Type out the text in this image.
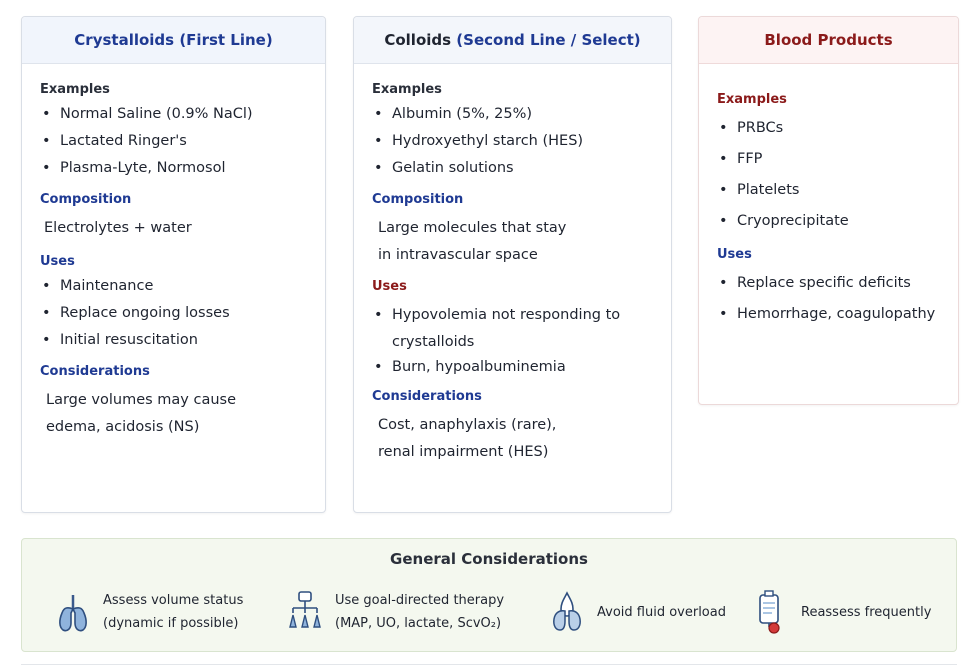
Crystalloids (First Line)
Examples
• Normal Saline (0.9% NaCl)
• Lactated Ringer's
• Plasma-Lyte, Normosol
Composition
Electrolytes + water
Uses
• Maintenance
• Replace ongoing losses
• Initial resuscitation
Considerations
Large volumes may cause
edema, acidosis (NS)
Colloids
(Second Line / Select)
Examples
• Albumin (5%, 25%)
• Hydroxyethyl starch (HES)
• Gelatin solutions
Composition
Large molecules that stay
in intravascular space
Uses
• Hypovolemia not responding to crystalloids
• Burn, hypoalbuminemia
Considerations
Cost, anaphylaxis (rare),
renal impairment (HES)
Blood Products
Examples
• PRBCs
• FFP
• Platelets
• Cryoprecipitate
Uses
• Replace specific deficits
• Hemorrhage, coagulopathy
General Considerations
Assess volume status
(dynamic if possible)
Use goal-directed therapy
(MAP, UO, lactate, ScvO₂)
Avoid fluid overload	Reassess frequently
